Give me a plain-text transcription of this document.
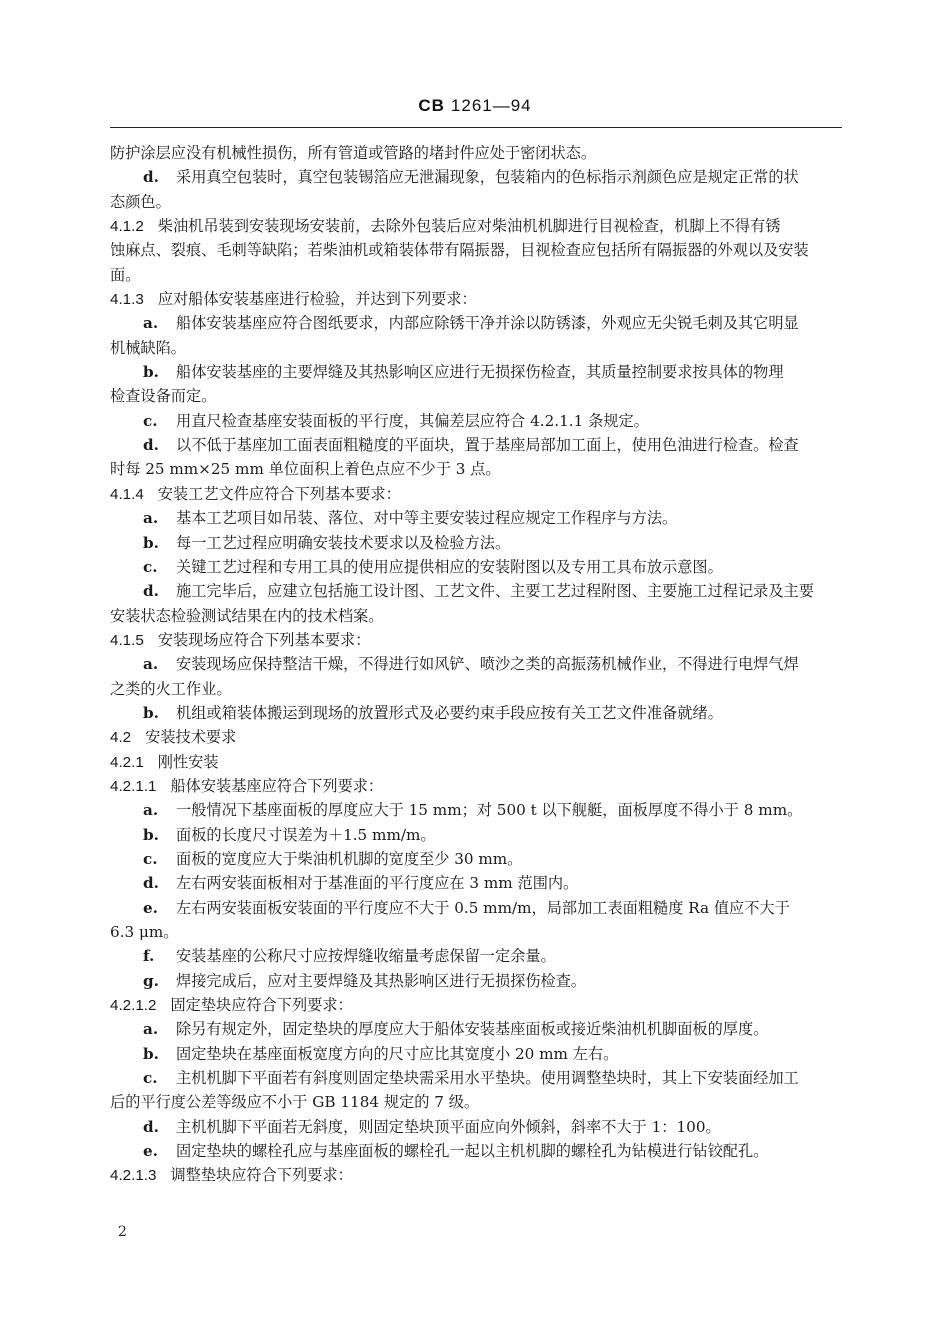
CB 1261—94
防护涂层应没有机械性损伤，所有管道或管路的堵封件应处于密闭状态。
d. 采用真空包装时，真空包装锡箔应无泄漏现象，包装箱内的色标指示剂颜色应是规定正常的状
态颜色。
4.1.2 柴油机吊装到安装现场安装前，去除外包装后应对柴油机机脚进行目视检查，机脚上不得有锈
蚀麻点、裂痕、毛刺等缺陷；若柴油机或箱装体带有隔振器，目视检查应包括所有隔振器的外观以及安装
面。
4.1.3 应对船体安装基座进行检验，并达到下列要求：
a. 船体安装基座应符合图纸要求，内部应除锈干净并涂以防锈漆，外观应无尖锐毛刺及其它明显
机械缺陷。
b. 船体安装基座的主要焊缝及其热影响区应进行无损探伤检查，其质量控制要求按具体的物理
检查设备而定。
c. 用直尺检查基座安装面板的平行度，其偏差层应符合 4.2.1.1 条规定。
d. 以不低于基座加工面表面粗糙度的平面块，置于基座局部加工面上，使用色油进行检查。检查
时每 25 mm×25 mm 单位面积上着色点应不少于 3 点。
4.1.4 安装工艺文件应符合下列基本要求：
a. 基本工艺项目如吊装、落位、对中等主要安装过程应规定工作程序与方法。
b. 每一工艺过程应明确安装技术要求以及检验方法。
c. 关键工艺过程和专用工具的使用应提供相应的安装附图以及专用工具布放示意图。
d. 施工完毕后，应建立包括施工设计图、工艺文件、主要工艺过程附图、主要施工过程记录及主要
安装状态检验测试结果在内的技术档案。
4.1.5 安装现场应符合下列基本要求：
a. 安装现场应保持整洁干燥，不得进行如风铲、喷沙之类的高振荡机械作业，不得进行电焊气焊
之类的火工作业。
b. 机组或箱装体搬运到现场的放置形式及必要约束手段应按有关工艺文件准备就绪。
4.2 安装技术要求
4.2.1 刚性安装
4.2.1.1 船体安装基座应符合下列要求：
a. 一般情况下基座面板的厚度应大于 15 mm；对 500 t 以下舰艇，面板厚度不得小于 8 mm。
b. 面板的长度尺寸误差为＋1.5 mm/m。
c. 面板的宽度应大于柴油机机脚的宽度至少 30 mm。
d. 左右两安装面板相对于基准面的平行度应在 3 mm 范围内。
e. 左右两安装面板安装面的平行度应不大于 0.5 mm/m，局部加工表面粗糙度 Ra 值应不大于
6.3 μm。
f. 安装基座的公称尺寸应按焊缝收缩量考虑保留一定余量。
g. 焊接完成后，应对主要焊缝及其热影响区进行无损探伤检查。
4.2.1.2 固定垫块应符合下列要求：
a. 除另有规定外，固定垫块的厚度应大于船体安装基座面板或接近柴油机机脚面板的厚度。
b. 固定垫块在基座面板宽度方向的尺寸应比其宽度小 20 mm 左右。
c. 主机机脚下平面若有斜度则固定垫块需采用水平垫块。使用调整垫块时，其上下安装面经加工
后的平行度公差等级应不小于 GB 1184 规定的 7 级。
d. 主机机脚下平面若无斜度，则固定垫块顶平面应向外倾斜，斜率不大于 1：100。
e. 固定垫块的螺栓孔应与基座面板的螺栓孔一起以主机机脚的螺栓孔为钻模进行钻铰配孔。
4.2.1.3 调整垫块应符合下列要求：
2
